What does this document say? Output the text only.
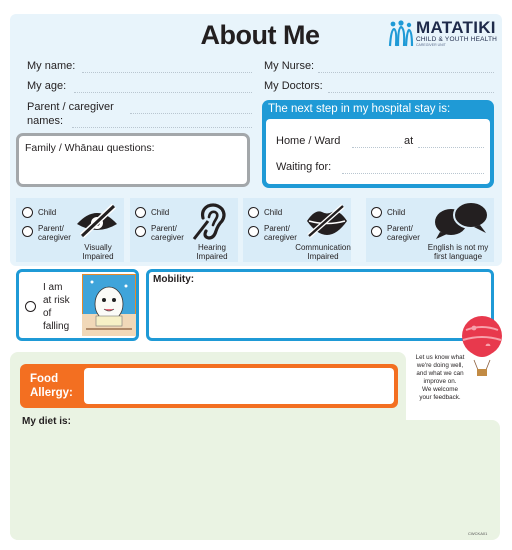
About Me	MATATIKI
CHILD & YOUTH HEALTH
CAREGIVER UNIT
My name:
My age:
Parent / caregiver
names:
My Nurse:
My Doctors:
Family / Whānau questions:
The next step in my hospital stay is:
Home / Ward	at
Waiting for:
Child
Parent/
caregiver
Visually
Impaired
Child
Parent/
caregiver
Hearing
Impaired
Child
Parent/
caregiver
Communication
Impaired
Child
Parent/
caregiver
English is not my
first language
I am
at risk
of
falling
Mobility:
Food
Allergy:
My diet is:
Let us know what
we're doing well,
and what we can
improve on.
We welcome
your feedback.
CWCKA01
